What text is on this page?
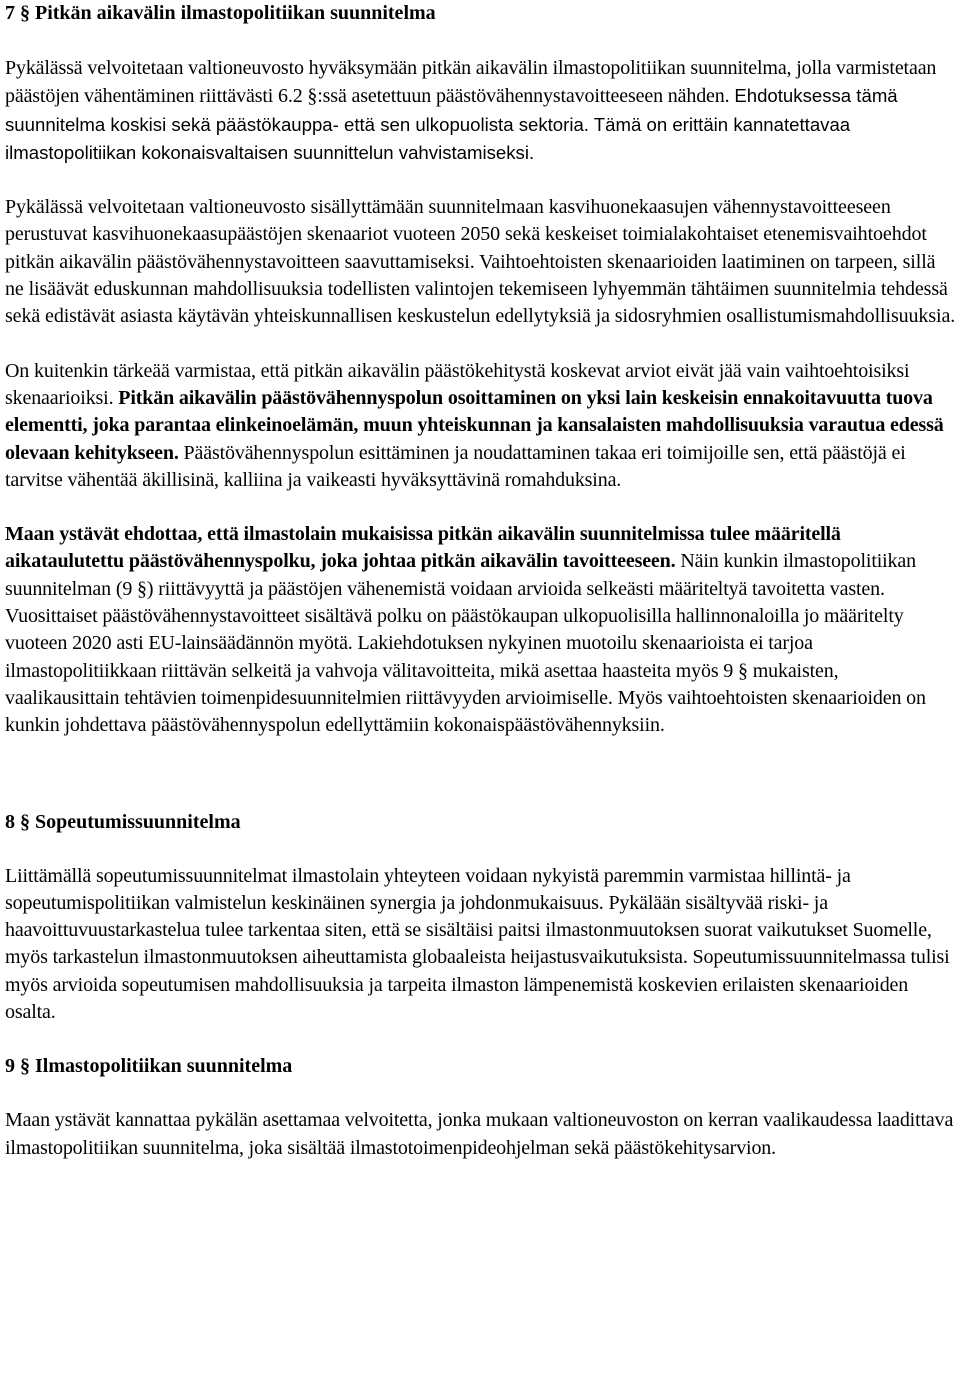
7 § Pitkän aikavälin ilmastopolitiikan suunnitelma

Pykälässä velvoitetaan valtioneuvosto hyväksymään pitkän aikavälin ilmastopolitiikan suunnitelma, jolla varmistetaan päästöjen vähentäminen riittävästi 6.2 §:ssä asetettuun päästövähennystavoitteeseen nähden. Ehdotuksessa tämä suunnitelma koskisi sekä päästökauppa- että sen ulkopuolista sektoria. Tämä on erittäin kannatettavaa ilmastopolitiikan kokonaisvaltaisen suunnittelun vahvistamiseksi.

Pykälässä velvoitetaan valtioneuvosto sisällyttämään suunnitelmaan kasvihuonekaasujen vähennystavoitteeseen perustuvat kasvihuonekaasupäästöjen skenaariot vuoteen 2050 sekä keskeiset toimialakohtaiset etenemisvaihtoehdot pitkän aikavälin päästövähennystavoitteen saavuttamiseksi. Vaihtoehtoisten skenaarioiden laatiminen on tarpeen, sillä ne lisäävät eduskunnan mahdollisuuksia todellisten valintojen tekemiseen lyhyemmän tähtäimen suunnitelmia tehdessä sekä edistävät asiasta käytävän yhteiskunnallisen keskustelun edellytyksiä ja sidosryhmien osallistumismahdollisuuksia.

On kuitenkin tärkeää varmistaa, että pitkän aikavälin päästökehitystä koskevat arviot eivät jää vain vaihtoehtoisiksi skenaarioiksi. Pitkän aikavälin päästövähennyspolun osoittaminen on yksi lain keskeisin ennakoitavuutta tuova elementti, joka parantaa elinkeinoelämän, muun yhteiskunnan ja kansalaisten mahdollisuuksia varautua edessä olevaan kehitykseen. Päästövähennyspolun esittäminen ja noudattaminen takaa eri toimijoille sen, että päästöjä ei tarvitse vähentää äkillisinä, kalliina ja vaikeasti hyväksyttävinä romahduksina.

Maan ystävät ehdottaa, että ilmastolain mukaisissa pitkän aikavälin suunnitelmissa tulee määritellä aikataulutettu päästövähennyspolku, joka johtaa pitkän aikavälin tavoitteeseen. Näin kunkin ilmastopolitiikan suunnitelman (9 §) riittävyyttä ja päästöjen vähenemistä voidaan arvioida selkeästi määriteltyä tavoitetta vasten. Vuosittaiset päästövähennystavoitteet sisältävä polku on päästökaupan ulkopuolisilla hallinnonaloilla jo määritelty vuoteen 2020 asti EU-lainsäädännön myötä. Lakiehdotuksen nykyinen muotoilu skenaarioista ei tarjoa ilmastopolitiikkaan riittävän selkeitä ja vahvoja välitavoitteita, mikä asettaa haasteita myös 9 § mukaisten, vaalikausittain tehtävien toimenpidesuunnitelmien riittävyyden arvioimiselle. Myös vaihtoehtoisten skenaarioiden on kunkin johdettava päästövähennyspolun edellyttämiin kokonaispäästövähennyksiin.

8 § Sopeutumissuunnitelma

Liittämällä sopeutumissuunnitelmat ilmastolain yhteyteen voidaan nykyistä paremmin varmistaa hillintä- ja sopeutumispolitiikan valmistelun keskinäinen synergia ja johdonmukaisuus. Pykälään sisältyvää riski- ja haavoittuvuustarkastelua tulee tarkentaa siten, että se sisältäisi paitsi ilmastonmuutoksen suorat vaikutukset Suomelle, myös tarkastelun ilmastonmuutoksen aiheuttamista globaaleista heijastusvaikutuksista. Sopeutumissuunnitelmassa tulisi myös arvioida sopeutumisen mahdollisuuksia ja tarpeita ilmaston lämpenemistä koskevien erilaisten skenaarioiden osalta.

9 § Ilmastopolitiikan suunnitelma

Maan ystävät kannattaa pykälän asettamaa velvoitetta, jonka mukaan valtioneuvoston on kerran vaalikaudessa laadittava ilmastopolitiikan suunnitelma, joka sisältää ilmastotoimenpideohjelman sekä päästökehitysarvion.
